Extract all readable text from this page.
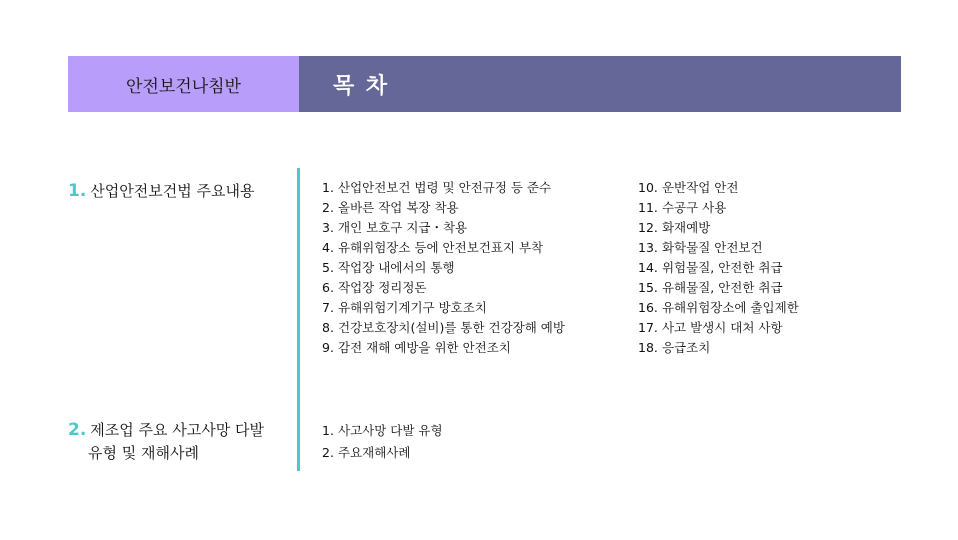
안전보건나침반	목 차
1. 산업안전보건법 주요내용	1. 산업안전보건 법령 및 안전규정 등 준수
2. 올바른 작업 복장 착용
3. 개인 보호구 지급・착용
4. 유해위험장소 등에 안전보건표지 부착
5. 작업장 내에서의 통행
6. 작업장 정리정돈
7. 유해위험기계기구 방호조치
8. 건강보호장치(설비)를 통한 건강장해 예방
9. 감전 재해 예방을 위한 안전조치
10. 운반작업 안전
11. 수공구 사용
12. 화재예방
13. 화학물질 안전보건
14. 위험물질, 안전한 취급
15. 유해물질, 안전한 취급
16. 유해위험장소에 출입제한
17. 사고 발생시 대처 사항
18. 응급조치
2. 제조업 주요 사고사망 다발
유형 및 재해사례
1. 사고사망 다발 유형
2. 주요재해사례
